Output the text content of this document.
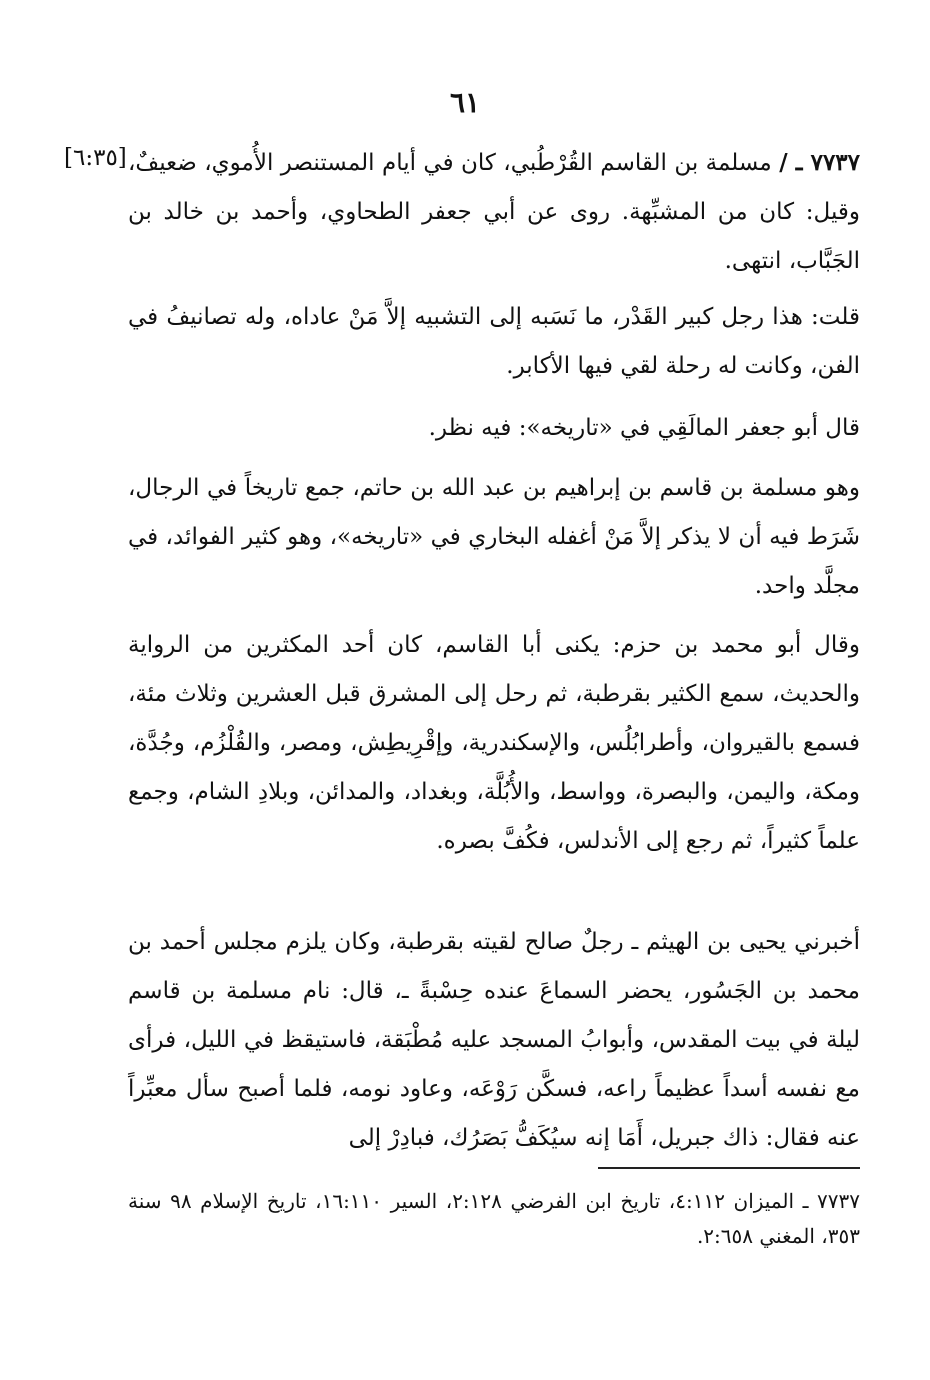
٦١
[٦:٣٥]	٧٧٣٧ ـ / مسلمة بن القاسم القُرْطُبي، كان في أيام المستنصر الأُموي، ضعيفٌ، وقيل: كان من المشبِّهة. روى عن أبي جعفر الطحاوي، وأحمد بن خالد بن الجَبَّاب، انتهى.
قلت: هذا رجل كبير القَدْر، ما نَسَبه إلى التشبيه إلاَّ مَنْ عاداه، وله تصانيفُ في الفن، وكانت له رحلة لقي فيها الأكابر.
قال أبو جعفر المالَقِي في «تاريخه»: فيه نظر.
وهو مسلمة بن قاسم بن إبراهيم بن عبد الله بن حاتم، جمع تاريخاً في الرجال، شَرَط فيه أن لا يذكر إلاَّ مَنْ أغفله البخاري في «تاريخه»، وهو كثير الفوائد، في مجلَّد واحد.
وقال أبو محمد بن حزم: يكنى أبا القاسم، كان أحد المكثرين من الرواية والحديث، سمع الكثير بقرطبة، ثم رحل إلى المشرق قبل العشرين وثلاث مئة، فسمع بالقيروان، وأطرابُلُس، والإسكندرية، وإقْرِيطِش، ومصر، والقُلْزُم، وجُدَّة، ومكة، واليمن، والبصرة، وواسط، والأُبُلَّة، وبغداد، والمدائن، وبلادِ الشام، وجمع علماً كثيراً، ثم رجع إلى الأندلس، فكُفَّ بصره.
أخبرني يحيى بن الهيثم ـ رجلٌ صالح لقيته بقرطبة، وكان يلزم مجلس أحمد بن محمد بن الجَسُور، يحضر السماعَ عنده حِسْبةً ـ، قال: نام مسلمة بن قاسم ليلة في بيت المقدس، وأبوابُ المسجد عليه مُطْبَقة، فاستيقظ في الليل، فرأى مع نفسه أسداً عظيماً راعه، فسكَّن رَوْعَه، وعاود نومه، فلما أصبح سأل معبِّراً عنه فقال: ذاك جبريل، أَمَا إنه سيُكَفُّ بَصَرُك، فبادِرْ إلى
٧٧٣٧ ـ الميزان ٤:١١٢، تاريخ ابن الفرضي ٢:١٢٨، السير ١٦:١١٠، تاريخ الإسلام ٩٨ سنة ٣٥٣، المغني ٢:٦٥٨.
